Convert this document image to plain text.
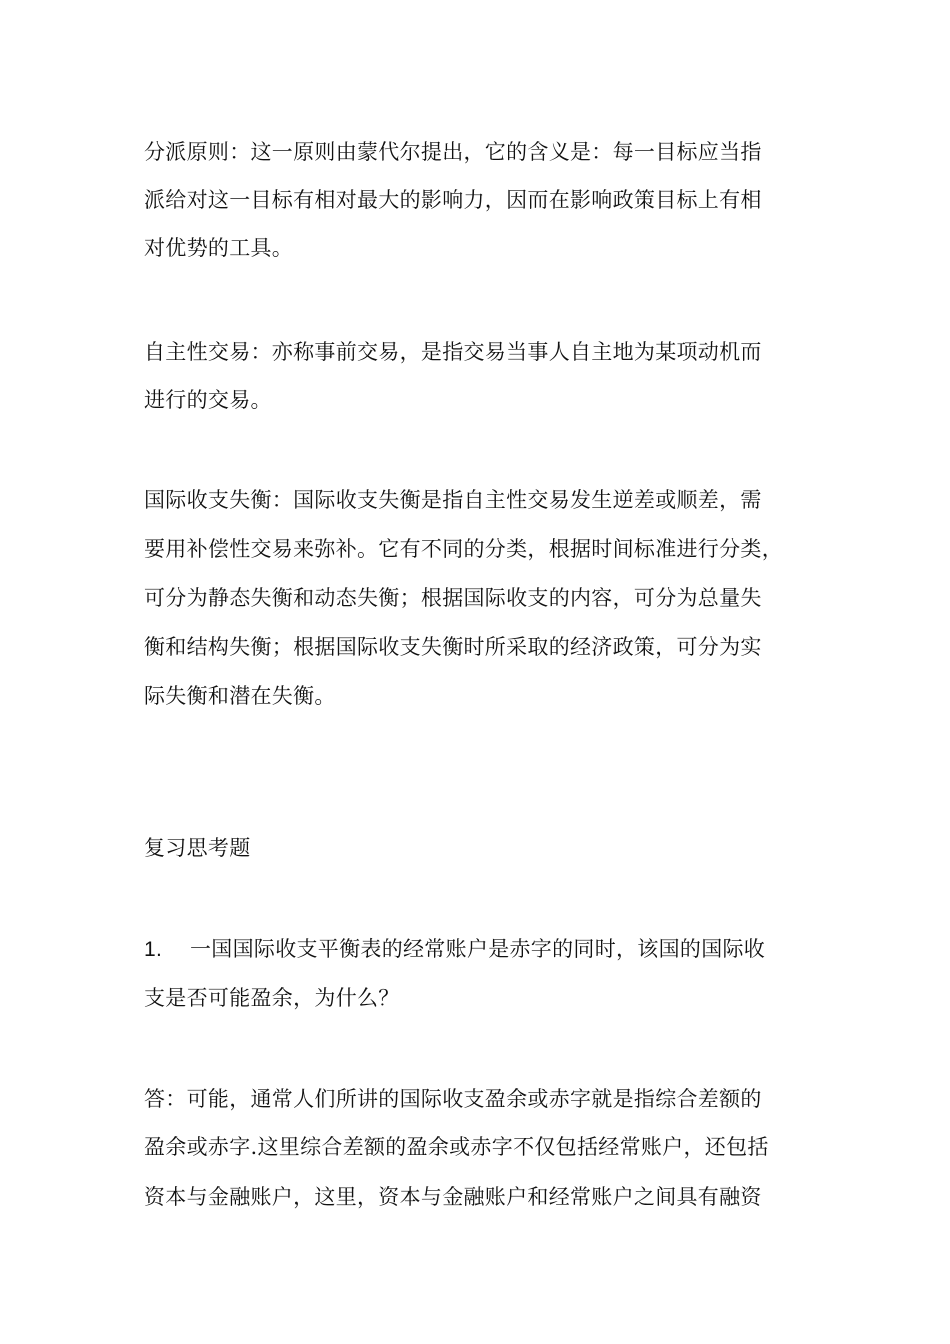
分派原则：这一原则由蒙代尔提出，它的含义是：每一目标应当指
派给对这一目标有相对最大的影响力，因而在影响政策目标上有相
对优势的工具。
自主性交易：亦称事前交易，是指交易当事人自主地为某项动机而
进行的交易。
国际收支失衡：国际收支失衡是指自主性交易发生逆差或顺差，需
要用补偿性交易来弥补。它有不同的分类，根据时间标准进行分类，
可分为静态失衡和动态失衡；根据国际收支的内容，可分为总量失
衡和结构失衡；根据国际收支失衡时所采取的经济政策，可分为实
际失衡和潜在失衡。
复习思考题
1. 一国国际收支平衡表的经常账户是赤字的同时，该国的国际收
支是否可能盈余，为什么？
答：可能，通常人们所讲的国际收支盈余或赤字就是指综合差额的
盈余或赤字.这里综合差额的盈余或赤字不仅包括经常账户，还包括
资本与金融账户，这里，资本与金融账户和经常账户之间具有融资
